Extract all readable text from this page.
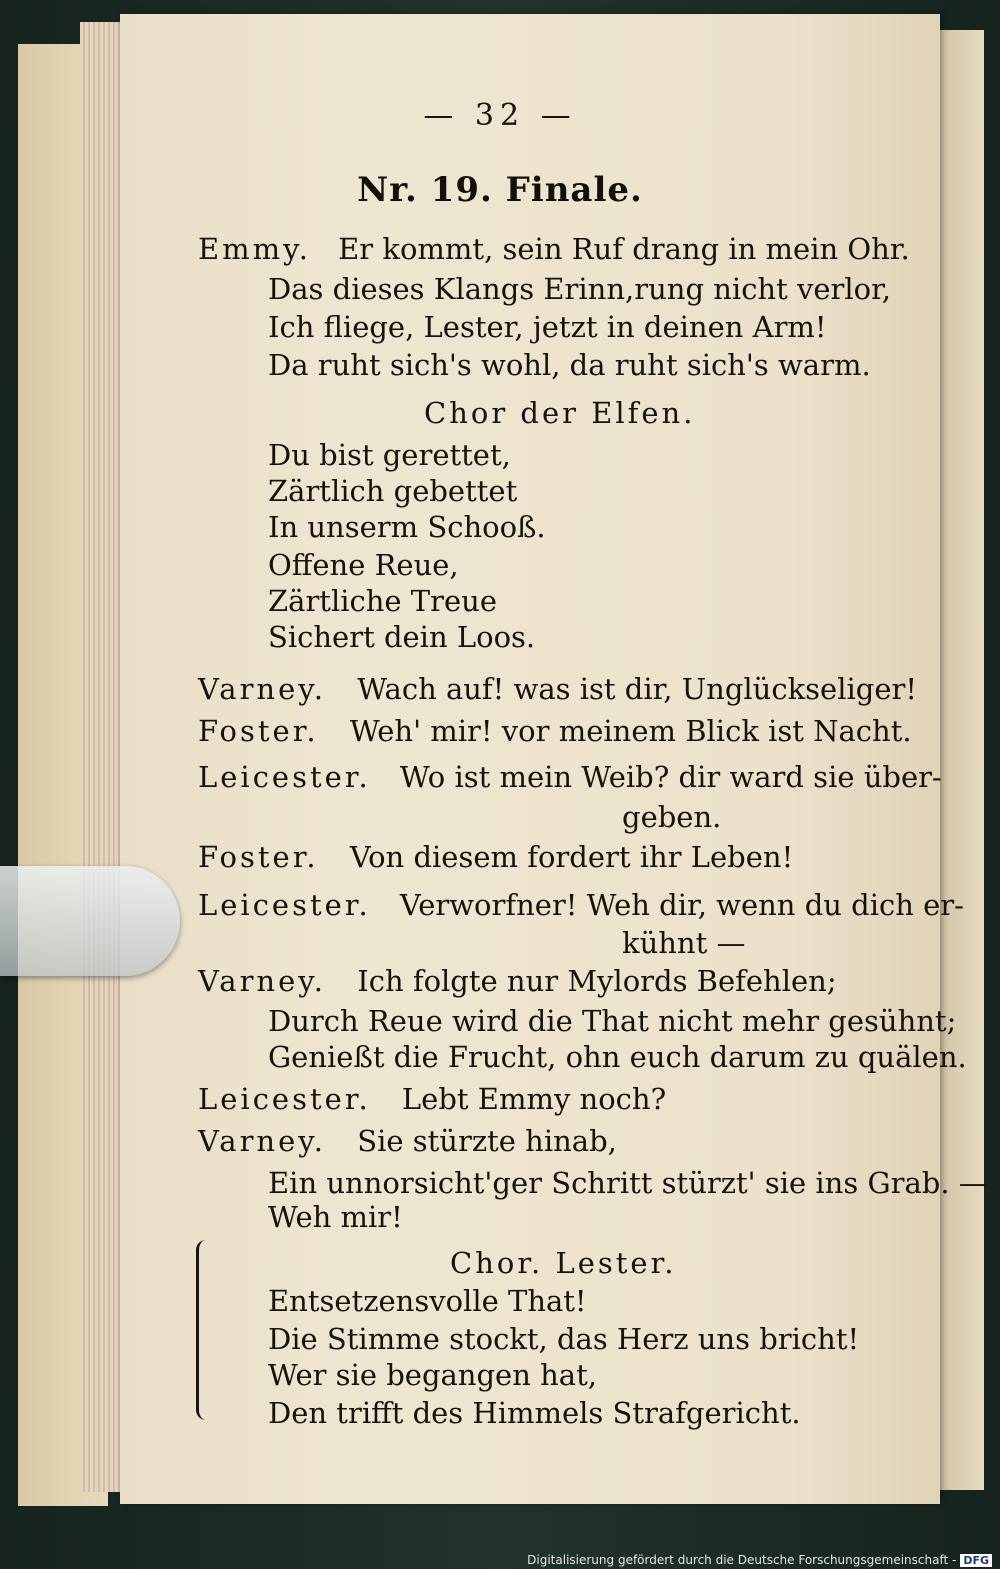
— 32 —
Nr. 19. Finale.
Emmy. Er kommt, sein Ruf drang in mein Ohr.
Das dieses Klangs Erinn,rung nicht verlor,
Ich fliege, Lester, jetzt in deinen Arm!
Da ruht sich's wohl, da ruht sich's warm.
Chor der Elfen.
Du bist gerettet,
Zärtlich gebettet
In unserm Schooß.
Offene Reue,
Zärtliche Treue
Sichert dein Loos.
Varney. Wach auf! was ist dir, Unglückseliger!
Foster. Weh' mir! vor meinem Blick ist Nacht.
Leicester. Wo ist mein Weib? dir ward sie über-
geben.
Foster. Von diesem fordert ihr Leben!
Leicester. Verworfner! Weh dir, wenn du dich er-
kühnt —
Varney. Ich folgte nur Mylords Befehlen;
Durch Reue wird die That nicht mehr gesühnt;
Genießt die Frucht, ohn euch darum zu quälen.
Leicester. Lebt Emmy noch?
Varney. Sie stürzte hinab,
Ein unnorsicht'ger Schritt stürzt' sie ins Grab. —
Weh mir!
Chor. Lester.
Entsetzensvolle That!
Die Stimme stockt, das Herz uns bricht!
Wer sie begangen hat,
Den trifft des Himmels Strafgericht.
Digitalisierung gefördert durch die Deutsche Forschungsgemeinschaft - DFG
